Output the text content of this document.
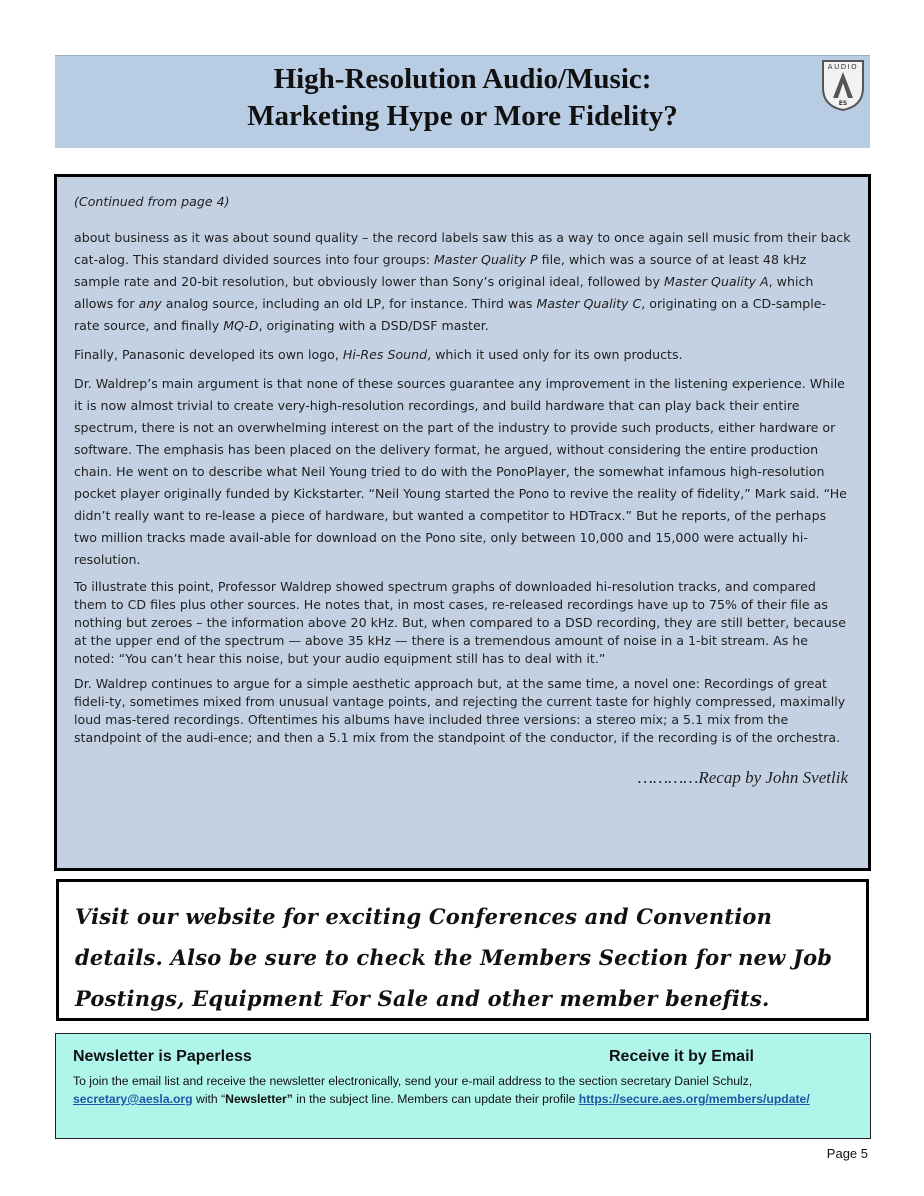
High-Resolution Audio/Music:
Marketing Hype or More Fidelity?
AUDIO
ES

(Continued from page 4)

about business as it was about sound quality – the record labels saw this as a way to once again sell music from their back cat-alog. This standard divided sources into four groups: Master Quality P file, which was a source of at least 48 kHz sample rate and 20-bit resolution, but obviously lower than Sony’s original ideal, followed by Master Quality A, which allows for any analog source, including an old LP, for instance. Third was Master Quality C, originating on a CD-sample-rate source, and finally MQ-D, originating with a DSD/DSF master.

Finally, Panasonic developed its own logo, Hi-Res Sound, which it used only for its own products.

Dr. Waldrep’s main argument is that none of these sources guarantee any improvement in the listening experience. While it is now almost trivial to create very-high-resolution recordings, and build hardware that can play back their entire spectrum, there is not an overwhelming interest on the part of the industry to provide such products, either hardware or software. The emphasis has been placed on the delivery format, he argued, without considering the entire production chain. He went on to describe what Neil Young tried to do with the PonoPlayer, the somewhat infamous high-resolution pocket player originally funded by Kickstarter. “Neil Young started the Pono to revive the reality of fidelity,” Mark said. “He didn’t really want to re-lease a piece of hardware, but wanted a competitor to HDTracx.” But he reports, of the perhaps two million tracks made avail-able for download on the Pono site, only between 10,000 and 15,000 were actually hi-resolution.

To illustrate this point, Professor Waldrep showed spectrum graphs of downloaded hi-resolution tracks, and compared them to CD files plus other sources. He notes that, in most cases, re-released recordings have up to 75% of their file as nothing but zeroes – the information above 20 kHz. But, when compared to a DSD recording, they are still better, because at the upper end of the spectrum — above 35 kHz — there is a tremendous amount of noise in a 1-bit stream. As he noted: “You can’t hear this noise, but your audio equipment still has to deal with it.”

Dr. Waldrep continues to argue for a simple aesthetic approach but, at the same time, a novel one: Recordings of great fideli-ty, sometimes mixed from unusual vantage points, and rejecting the current taste for highly compressed, maximally loud mas-tered recordings. Oftentimes his albums have included three versions: a stereo mix; a 5.1 mix from the standpoint of the audi-ence; and then a 5.1 mix from the standpoint of the conductor, if the recording is of the orchestra.

…………Recap by John Svetlik

Visit our website for exciting Conferences and Convention details. Also be sure to check the Members Section for new Job Postings, Equipment For Sale and other member benefits.
Newsletter is Paperless	Receive it by Email
To join the email list and receive the newsletter electronically, send your e-mail address to the section secretary Daniel Schulz, secretary@aesla.org with “Newsletter” in the subject line. Members can update their profile https://secure.aes.org/members/update/
Page 5
